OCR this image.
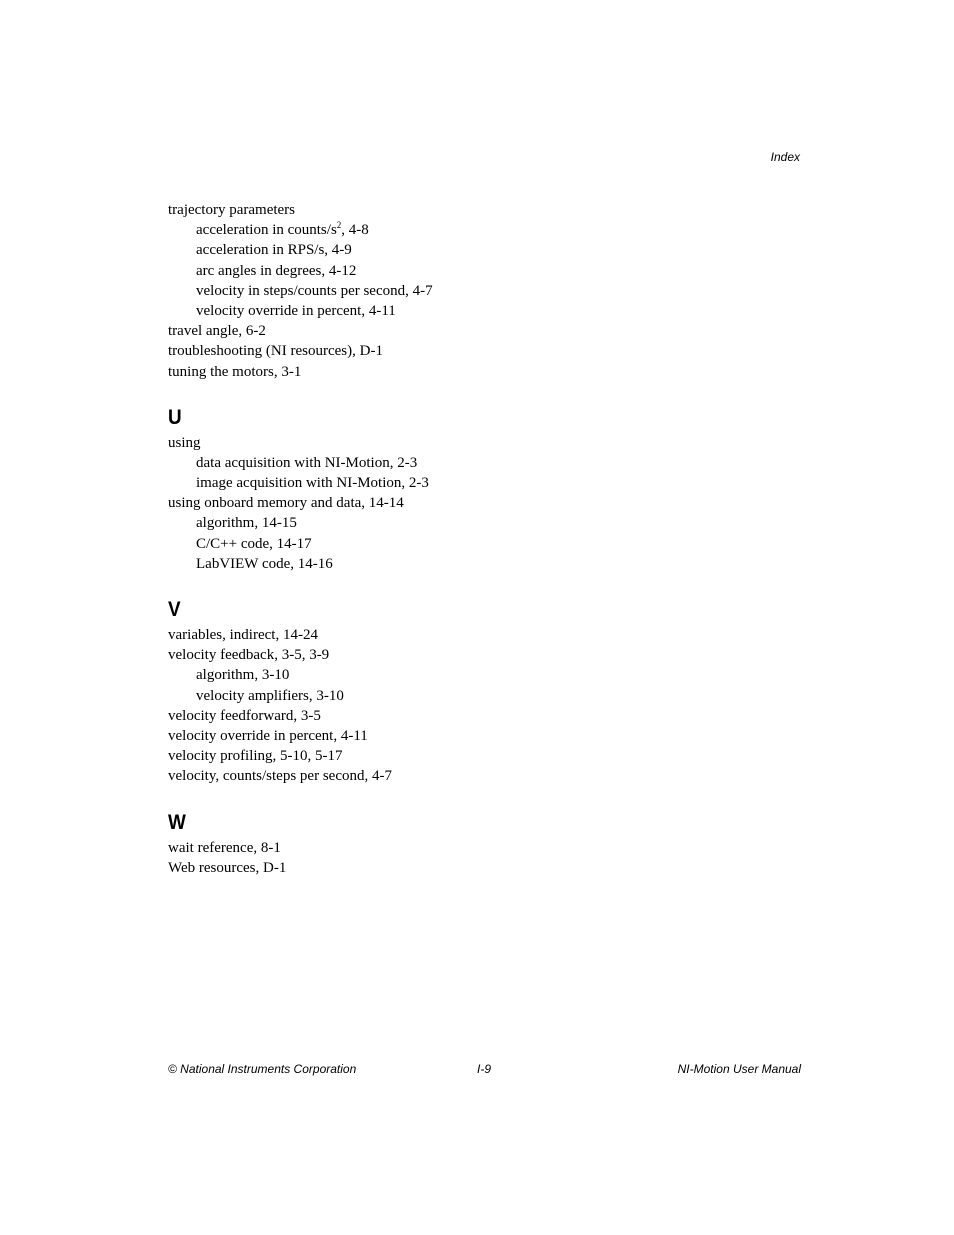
Index
trajectory parameters
acceleration in counts/$s^2$, 4-8
acceleration in RPS/s, 4-9
arc angles in degrees, 4-12
velocity in steps/counts per second, 4-7
velocity override in percent, 4-11
travel angle, 6-2
troubleshooting (NI resources), D-1
tuning the motors, 3-1
U
using
data acquisition with NI-Motion, 2-3
image acquisition with NI-Motion, 2-3
using onboard memory and data, 14-14
algorithm, 14-15
C/C++ code, 14-17
LabVIEW code, 14-16
V
variables, indirect, 14-24
velocity feedback, 3-5, 3-9
algorithm, 3-10
velocity amplifiers, 3-10
velocity feedforward, 3-5
velocity override in percent, 4-11
velocity profiling, 5-10, 5-17
velocity, counts/steps per second, 4-7
W
wait reference, 8-1
Web resources, D-1
© National Instruments Corporation	I-9	NI-Motion User Manual
